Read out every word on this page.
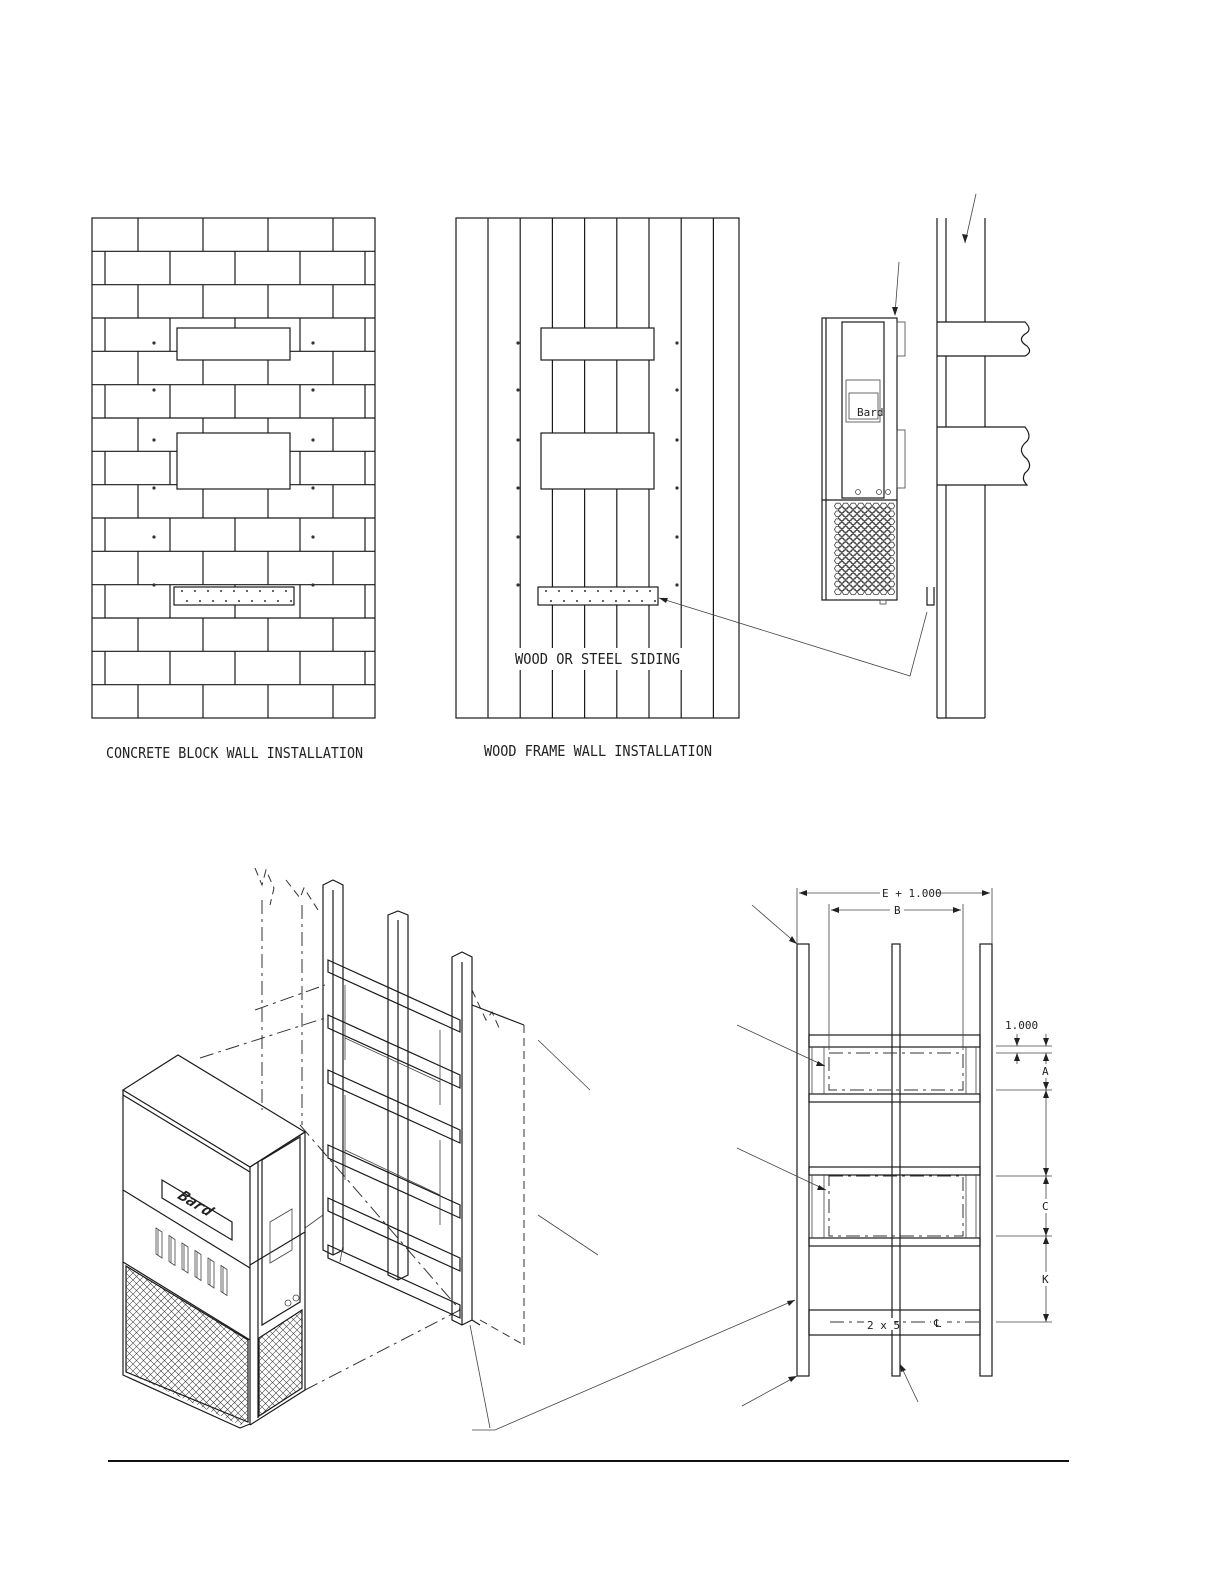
CONCRETE BLOCK WALL INSTALLATION
WOOD OR STEEL SIDING
WOOD FRAME WALL INSTALLATION
Bard
Bard
2 x 5	℄
E + 1.000
B
1.000
A
C
K
